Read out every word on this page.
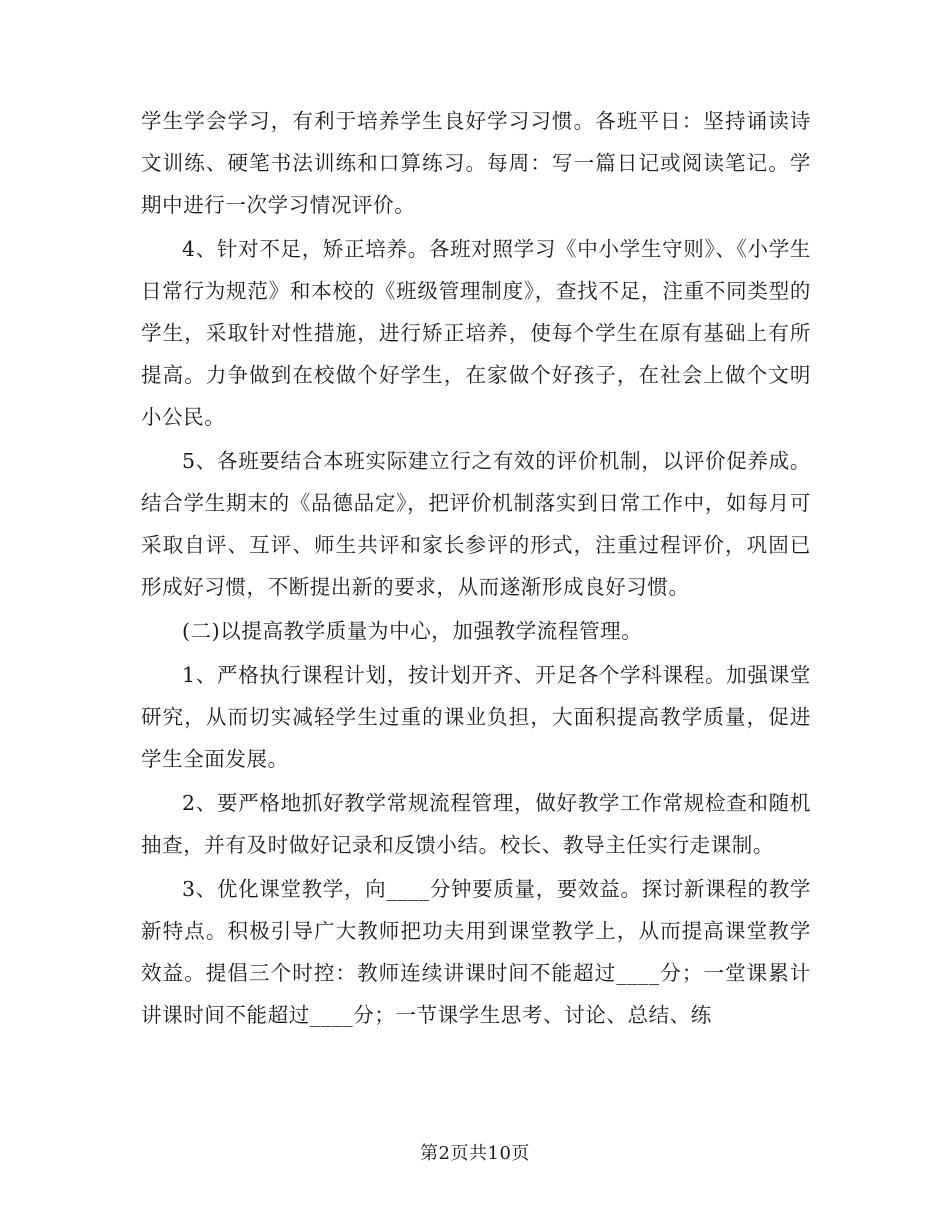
学生学会学习，有利于培养学生良好学习习惯。各班平日：坚持诵读诗文训练、硬笔书法训练和口算练习。每周：写一篇日记或阅读笔记。学期中进行一次学习情况评价。

4、针对不足，矫正培养。各班对照学习《中小学生守则》、《小学生日常行为规范》和本校的《班级管理制度》，查找不足，注重不同类型的学生，采取针对性措施，进行矫正培养，使每个学生在原有基础上有所提高。力争做到在校做个好学生，在家做个好孩子，在社会上做个文明小公民。

5、各班要结合本班实际建立行之有效的评价机制，以评价促养成。结合学生期末的《品德品定》，把评价机制落实到日常工作中，如每月可采取自评、互评、师生共评和家长参评的形式，注重过程评价，巩固已形成好习惯，不断提出新的要求，从而遂渐形成良好习惯。

(二)以提高教学质量为中心，加强教学流程管理。

1、严格执行课程计划，按计划开齐、开足各个学科课程。加强课堂研究，从而切实减轻学生过重的课业负担，大面积提高教学质量，促进学生全面发展。

2、要严格地抓好教学常规流程管理，做好教学工作常规检查和随机抽查，并有及时做好记录和反馈小结。校长、教导主任实行走课制。

3、优化课堂教学，向____分钟要质量，要效益。探讨新课程的教学新特点。积极引导广大教师把功夫用到课堂教学上，从而提高课堂教学效益。提倡三个时控：教师连续讲课时间不能超过____分；一堂课累计讲课时间不能超过____分；一节课学生思考、讨论、总结、练

第2页共10页
